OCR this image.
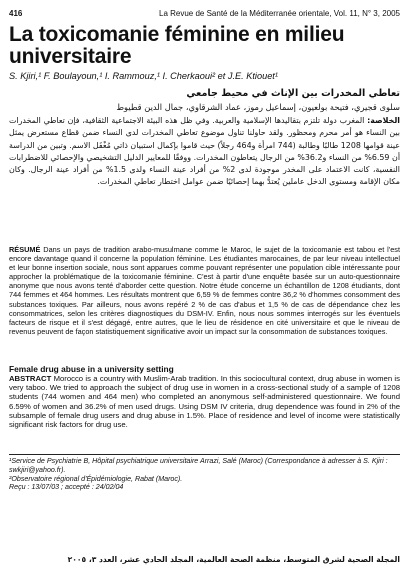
416	La Revue de Santé de la Méditerranée orientale, Vol. 11, N° 3, 2005
La toxicomanie féminine en milieu universitaire
S. Kjiri,¹ F. Boulayoun,¹ I. Rammouz,¹ I. Cherkaoui² et J.E. Ktiouet¹
تعاطي المخدرات بين الإناث في محيط جامعي
سلوى قجيري، فتيحة بولعيون، إسماعيل رموز، عماد الشرقاوي، جمال الدين قطيوط
الخلاصة: المغرب دولة تلتزم بتقاليدها الإسلامية والعربية. وفي ظل هذه البيئة الاجتماعية الثقافية، فإن تعاطي المخدرات بين النساء هو أمر محرم ومحظور. ولقد حاولنا تناول موضوع تعاطي المخدرات لدى النساء ضمن قطاع مستعرض يمثل عينة قوامها 1208 طالبًا وطالبة (744 امرأة و464 رجلاً) حيث قاموا بإكمال استبيان ذاتي مُغْفَل الاسم. وتبين من الدراسة أن 6.59% من النساء و36.2% من الرجال يتعاطون المخدرات. ووفقًا للمعايير الدليل التشخيصي والإحصائي للاضطرابات النفسية، كانت الاعتماد على المخدر موجودة لدى 2% من أفراد عينة النساء ولدى 1.5% من أفراد عينة الرجال. وكان مكان الإقامة ومستوى الدخل عاملين يُعتدُّ بهما إحصائيًا ضمن عوامل اختطار تعاطي المخدرات.
RÉSUMÉ Dans un pays de tradition arabo-musulmane comme le Maroc, le sujet de la toxicomanie est tabou et l'est encore davantage quand il concerne la population féminine. Les étudiantes marocaines, de par leur niveau intellectuel et leur bonne insertion sociale, nous sont apparues comme pouvant représenter une population cible intéressante pour approcher la problématique de la toxicomanie féminine. C'est à partir d'une enquête basée sur un auto-questionnaire anonyme que nous avons tenté d'aborder cette question. Notre étude concerne un échantillon de 1208 étudiants, dont 744 femmes et 464 hommes. Les résultats montrent que 6,59 % de femmes contre 36,2 % d'hommes consomment des substances toxiques. Par ailleurs, nous avons repéré 2 % de cas d'abus et 1,5 % de cas de dépendance chez les consommatrices, selon les critères diagnostiques du DSM-IV. Enfin, nous nous sommes interrogés sur les éventuels facteurs de risque et il s'est dégagé, entre autres, que le lieu de résidence en cité universitaire et que le niveau de revenus peuvent de façon statistiquement significative avoir un impact sur la consommation de substances toxiques.
Female drug abuse in a university setting
ABSTRACT Morocco is a country with Muslim-Arab tradition. In this sociocultural context, drug abuse in women is very taboo. We tried to approach the subject of drug use in women in a cross-sectional study of a sample of 1208 students (744 women and 464 men) who completed an anonymous self-administered questionnaire. We found 6.59% of women and 36.2% of men used drugs. Using DSM IV criteria, drug dependence was found in 2% of the subsample of female drug users and drug abuse in 1.5%. Place of residence and level of income were statistically significant risk factors for drug use.

¹Service de Psychiatrie B, Hôpital psychiatrique universitaire Arrazi, Salé (Maroc) (Correspondance à adresser à S. Kjiri : swkjiri@yahoo.fr).

²Observatoire régional d'Épidémiologie, Rabat (Maroc).

Reçu : 13/07/03 ; accepté : 24/02/04

المجلة الصحية لشرق المتوسط، منظمة الصحة العالمية، المجلد الحادي عشر، العدد ٣، ٢٠٠٥
